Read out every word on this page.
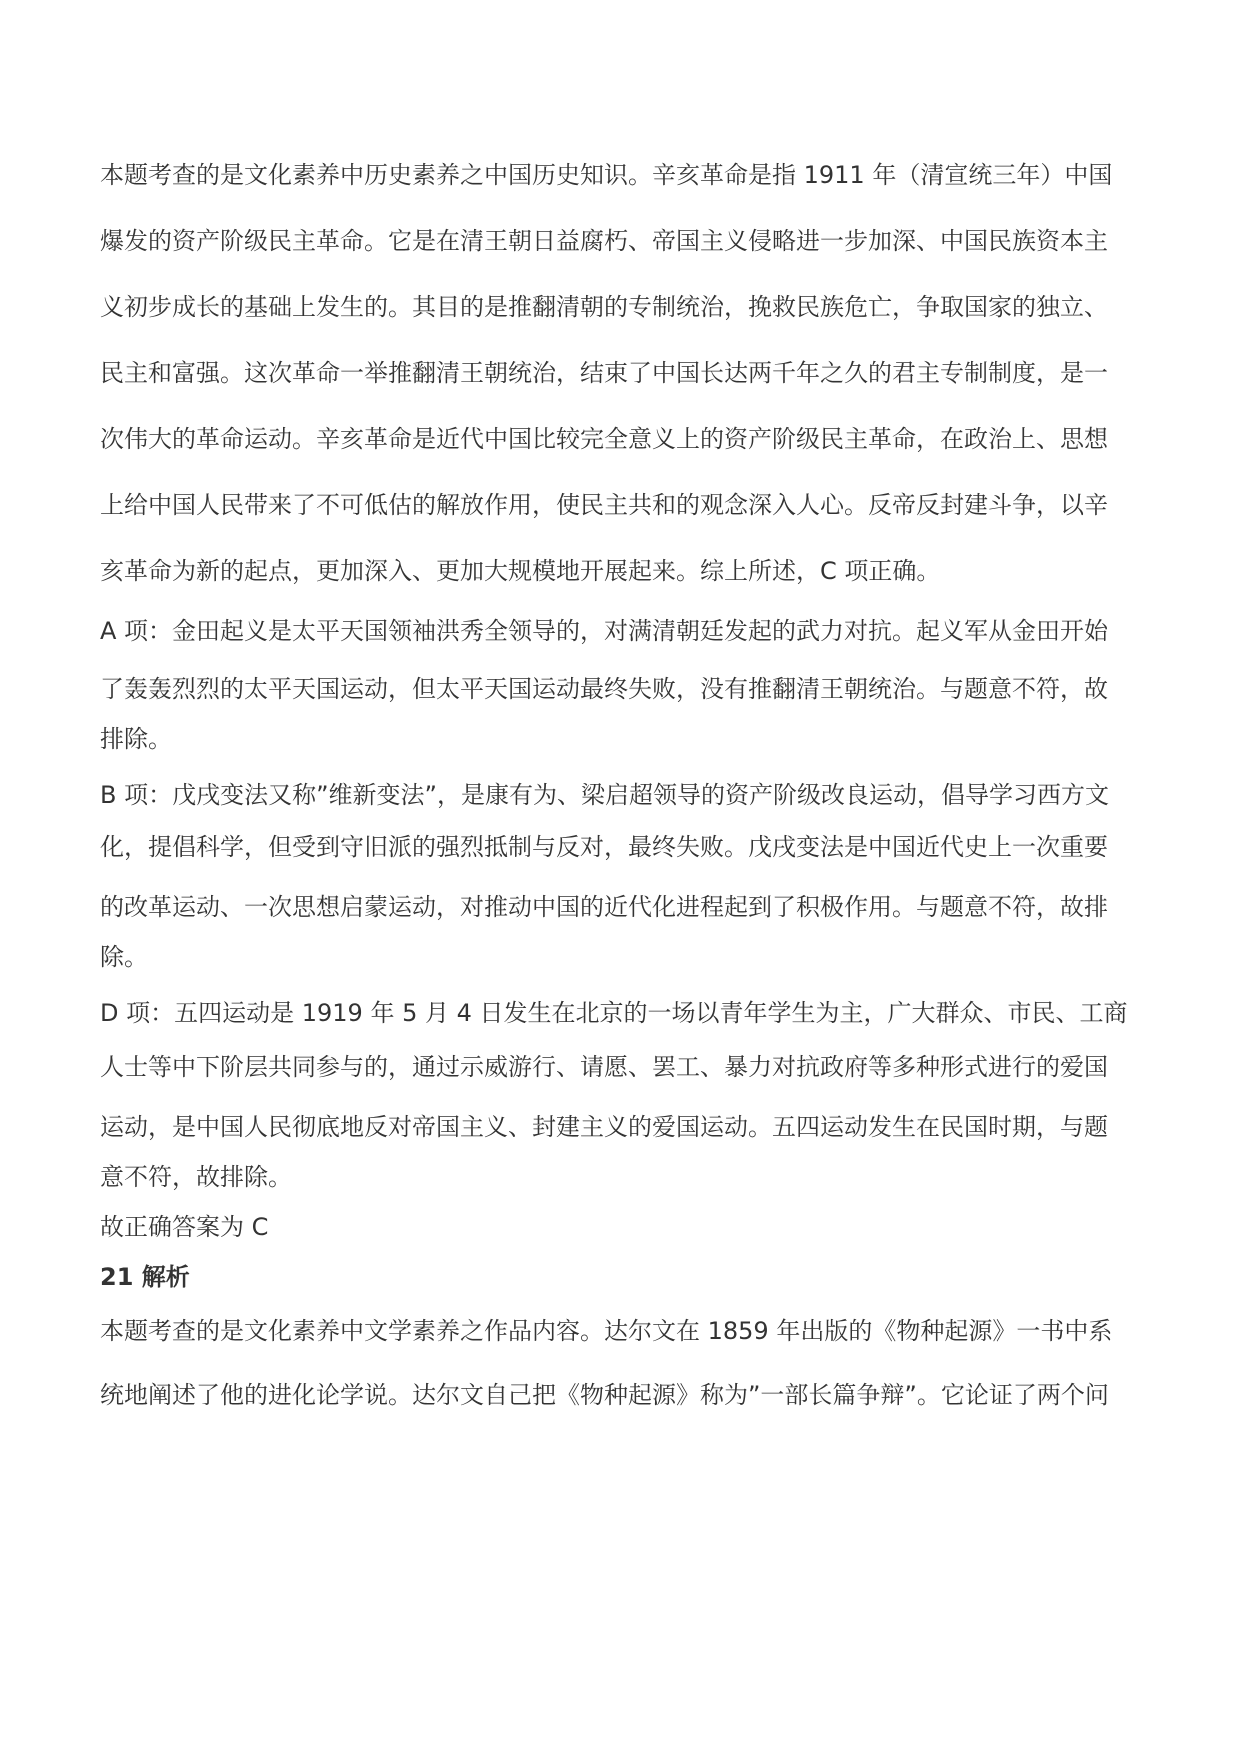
本题考查的是文化素养中历史素养之中国历史知识。辛亥革命是指 1911 年（清宣统三年）中国
爆发的资产阶级民主革命。它是在清王朝日益腐朽、帝国主义侵略进一步加深、中国民族资本主
义初步成长的基础上发生的。其目的是推翻清朝的专制统治，挽救民族危亡，争取国家的独立、
民主和富强。这次革命一举推翻清王朝统治，结束了中国长达两千年之久的君主专制制度，是一
次伟大的革命运动。辛亥革命是近代中国比较完全意义上的资产阶级民主革命，在政治上、思想
上给中国人民带来了不可低估的解放作用，使民主共和的观念深入人心。反帝反封建斗争，以辛
亥革命为新的起点，更加深入、更加大规模地开展起来。综上所述，C 项正确。
A 项：金田起义是太平天国领袖洪秀全领导的，对满清朝廷发起的武力对抗。起义军从金田开始
了轰轰烈烈的太平天国运动，但太平天国运动最终失败，没有推翻清王朝统治。与题意不符，故
排除。
B 项：戊戌变法又称”维新变法”，是康有为、梁启超领导的资产阶级改良运动，倡导学习西方文
化，提倡科学，但受到守旧派的强烈抵制与反对，最终失败。戊戌变法是中国近代史上一次重要
的改革运动、一次思想启蒙运动，对推动中国的近代化进程起到了积极作用。与题意不符，故排
除。
D 项：五四运动是 1919 年 5 月 4 日发生在北京的一场以青年学生为主，广大群众、市民、工商
人士等中下阶层共同参与的，通过示威游行、请愿、罢工、暴力对抗政府等多种形式进行的爱国
运动，是中国人民彻底地反对帝国主义、封建主义的爱国运动。五四运动发生在民国时期，与题
意不符，故排除。
故正确答案为 C
21 解析
本题考查的是文化素养中文学素养之作品内容。达尔文在 1859 年出版的《物种起源》一书中系
统地阐述了他的进化论学说。达尔文自己把《物种起源》称为”一部长篇争辩”。它论证了两个问
